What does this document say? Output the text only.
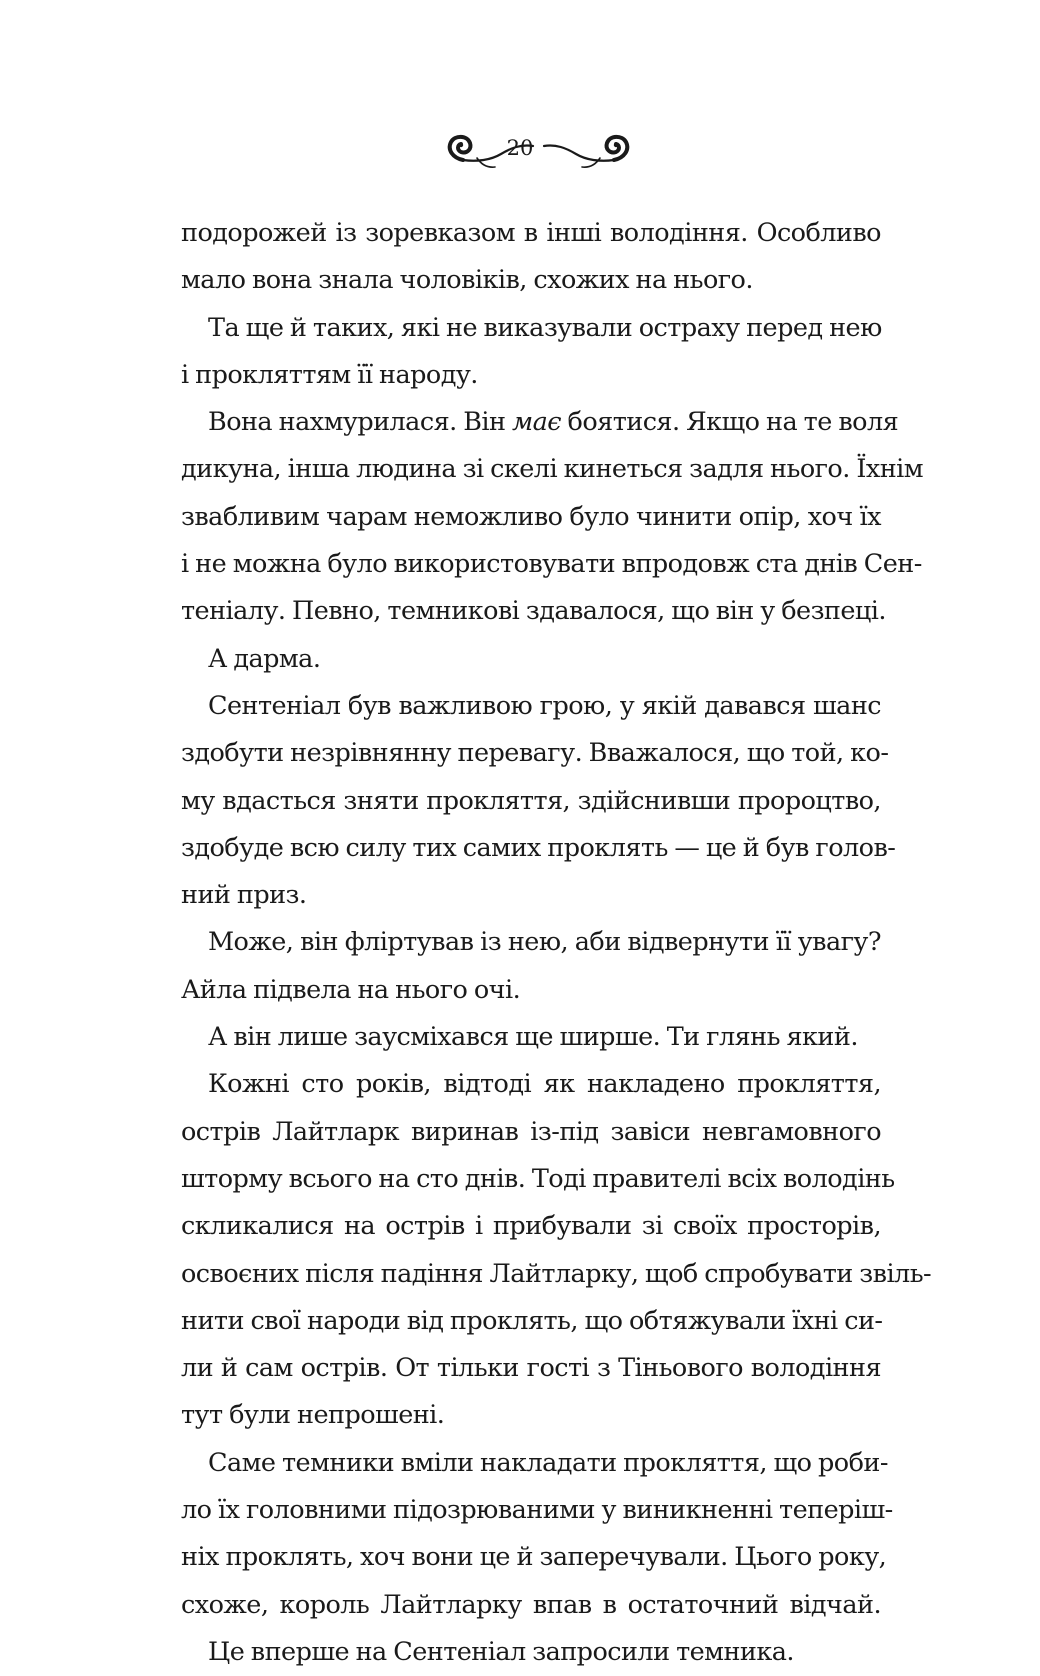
20
подорожей із зоревказом в інші володіння. Особливо
мало вона знала чоловіків, схожих на нього.
Та ще й таких, які не виказували остраху перед нею
і прокляттям її народу.
Вона нахмурилася. Він має боятися. Якщо на те воля
дикуна, інша людина зі скелі кинеться задля нього. Їхнім
звабливим чарам неможливо було чинити опір, хоч їх
і не можна було використовувати впродовж ста днів Сен-
теніалу. Певно, темникові здавалося, що він у безпеці.
А дарма.
Сентеніал був важливою грою, у якій давався шанс
здобути незрівнянну перевагу. Вважалося, що той, ко-
му вдасться зняти прокляття, здійснивши пророцтво,
здобуде всю силу тих самих проклять — це й був голов-
ний приз.
Може, він фліртував із нею, аби відвернути її увагу?
Айла підвела на нього очі.
А він лише заусміхався ще ширше. Ти глянь який.
Кожні сто років, відтоді як накладено прокляття,
острів Лайтларк виринав із-під завіси невгамовного
шторму всього на сто днів. Тоді правителі всіх володінь
скликалися на острів і прибували зі своїх просторів,
освоєних після падіння Лайтларку, щоб спробувати звіль-
нити свої народи від проклять, що обтяжували їхні си-
ли й сам острів. От тільки гості з Тіньового володіння
тут були непрошені.
Саме темники вміли накладати прокляття, що роби-
ло їх головними підозрюваними у виникненні теперіш-
ніх проклять, хоч вони це й заперечували. Цього року,
схоже, король Лайтларку впав в остаточний відчай.
Це вперше на Сентеніал запросили темника.
